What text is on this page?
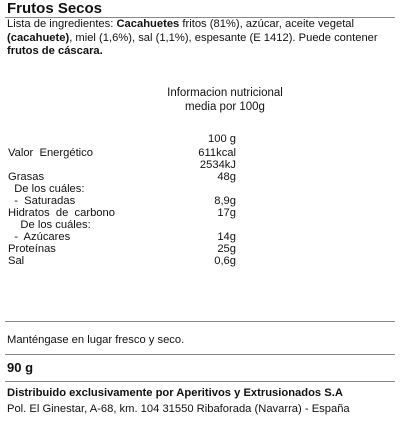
Frutos Secos
Lista de ingredientes: Cacahuetes fritos (81%), azúcar, aceite vegetal (cacahuete), miel (1,6%), sal (1,1%), espesante (E 1412). Puede contener frutos de cáscara.
Informacion nutricional
media por 100g
100 g
Valor  Energético	611kcal
2534kJ
Grasas	48g
De los cuáles:
-  Saturadas	8,9g
Hidratos  de  carbono	17g
De los cuáles:
-  Azúcares	14g
Proteínas	25g
Sal	0,6g
Manténgase en lugar fresco y seco.
90 g
Distribuido exclusivamente por Aperitivos y Extrusionados S.A
Pol. El Ginestar, A-68, km. 104 31550 Ribaforada (Navarra) - España
